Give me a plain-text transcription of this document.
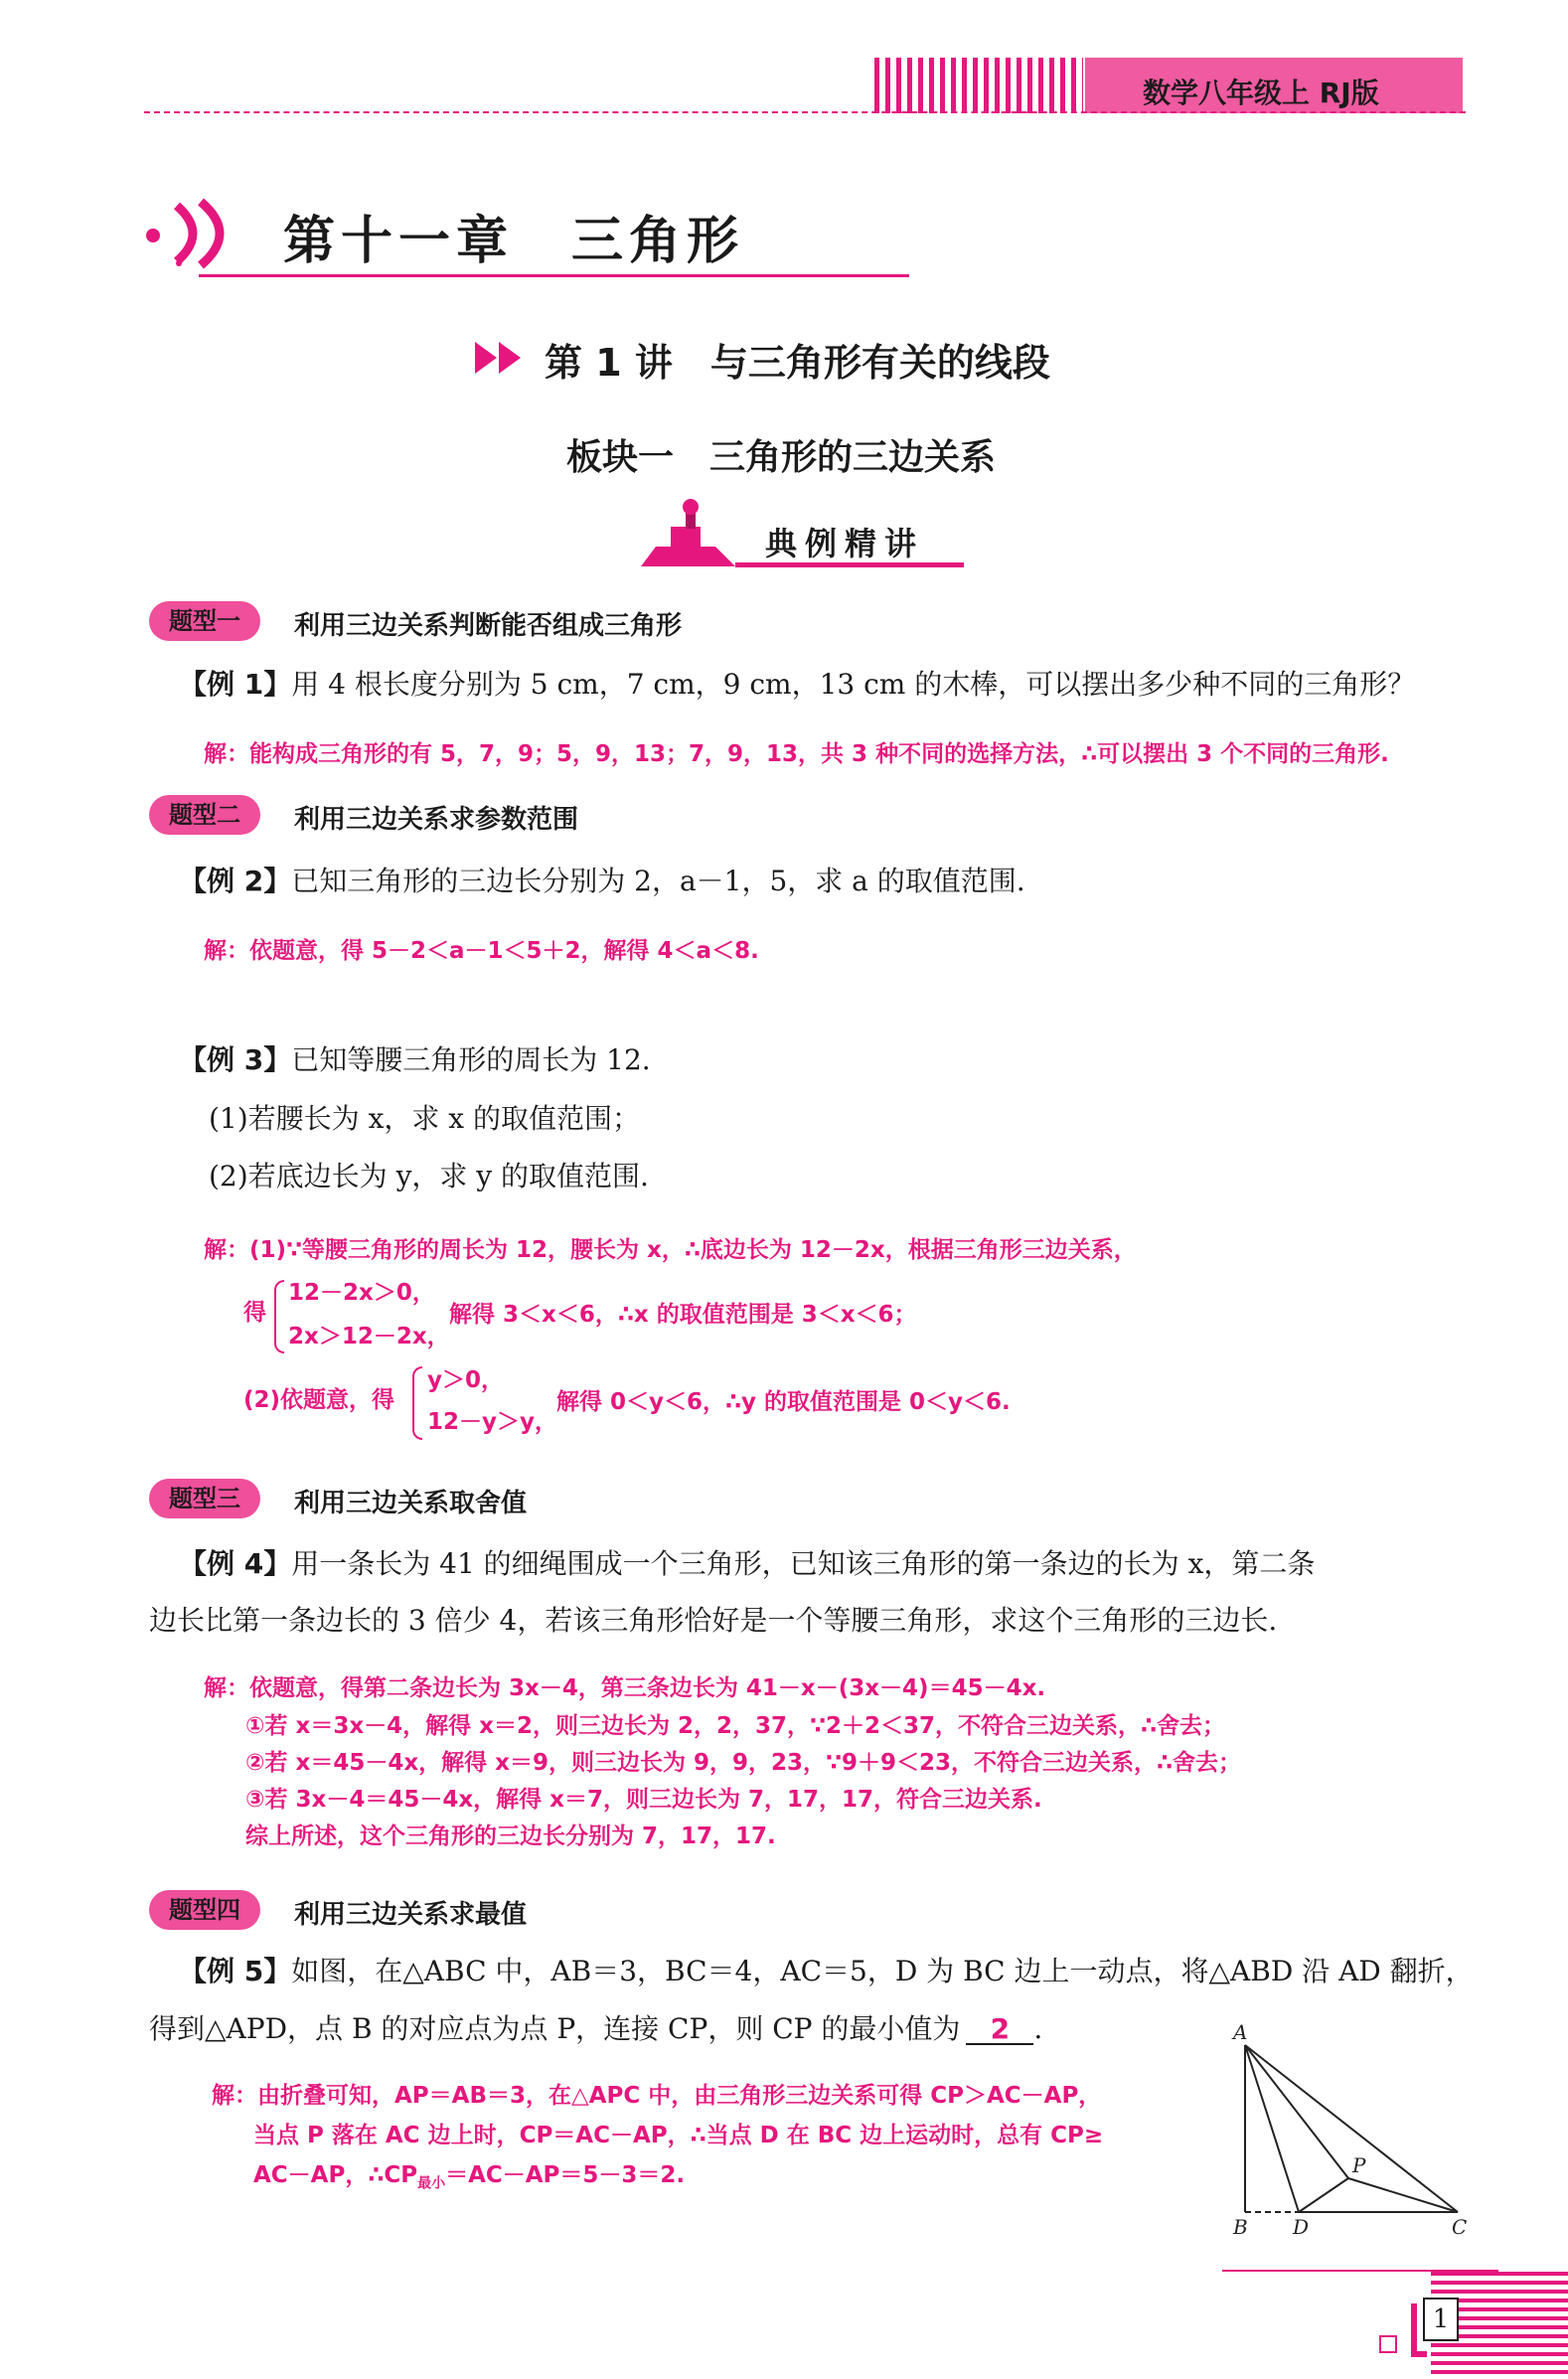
数学八年级上 RJ版
第十一章　三角形
第 1 讲　与三角形有关的线段
板块一　三角形的三边关系
典例精讲
题型一	利用三边关系判断能否组成三角形
【例 1】用 4 根长度分别为 5 cm，7 cm，9 cm，13 cm 的木棒，可以摆出多少种不同的三角形？
解：能构成三角形的有 5，7，9；5，9，13；7，9，13，共 3 种不同的选择方法，∴可以摆出 3 个不同的三角形.
题型二	利用三边关系求参数范围
【例 2】已知三角形的三边长分别为 2，a－1，5，求 a 的取值范围.
解：依题意，得 5－2＜a－1＜5＋2，解得 4＜a＜8.
【例 3】已知等腰三角形的周长为 12.
(1)若腰长为 x，求 x 的取值范围；
(2)若底边长为 y，求 y 的取值范围.
解：(1)∵等腰三角形的周长为 12，腰长为 x，∴底边长为 12－2x，根据三角形三边关系，
得
12－2x＞0，
2x＞12－2x，
解得 3＜x＜6，∴x 的取值范围是 3＜x＜6；
(2)依题意，得
y＞0，
12－y＞y，
解得 0＜y＜6，∴y 的取值范围是 0＜y＜6.
题型三	利用三边关系取舍值
【例 4】用一条长为 41 的细绳围成一个三角形，已知该三角形的第一条边的长为 x，第二条
边长比第一条边长的 3 倍少 4，若该三角形恰好是一个等腰三角形，求这个三角形的三边长.
解：依题意，得第二条边长为 3x－4，第三条边长为 41－x－(3x－4)＝45－4x.
①若 x＝3x－4，解得 x＝2，则三边长为 2，2，37，∵2＋2＜37，不符合三边关系，∴舍去；
②若 x＝45－4x，解得 x＝9，则三边长为 9，9，23，∵9＋9＜23，不符合三边关系，∴舍去；
③若 3x－4＝45－4x，解得 x＝7，则三边长为 7，17，17，符合三边关系.
综上所述，这个三角形的三边长分别为 7，17，17.
题型四	利用三边关系求最值
【例 5】如图，在△ABC 中，AB＝3，BC＝4，AC＝5，D 为 BC 边上一动点，将△ABD 沿 AD 翻折，
得到△APD，点 B 的对应点为点 P，连接 CP，则 CP 的最小值为 2 .
解：由折叠可知，AP＝AB＝3，在△APC 中，由三角形三边关系可得 CP＞AC－AP，
当点 P 落在 AC 边上时，CP＝AC－AP，∴当点 D 在 BC 边上运动时，总有 CP≥
AC－AP，$\therefore CP_{最小}=AC-AP=5-3=2$.
A
B D	C
P
1
